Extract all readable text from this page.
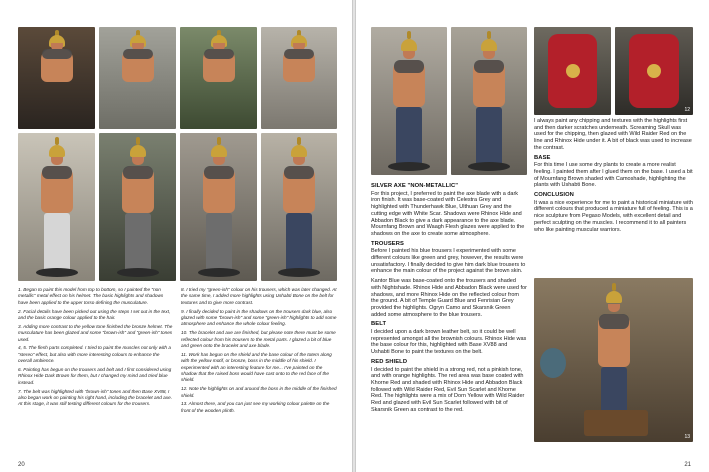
1. Began to paint this model from top to bottom, so I painted the "non metallic" metal effect on his helmet. The basic highlights and shadows have been applied to the upper torso defining the musculature.

2. Facial details have been picked out using the steps I set out in the text, and the basic orange colour applied to the hair.

3. Adding more contrast to the yellow tone finished the bronze helmet. The musculature has been glazed and some "brown-ish" and "green-ish" tones used.

4, 5. The flesh parts completed. I tried to paint the muscles not only with a "stereo" effect, but also with more interesting colours to enhance the overall ambience.

6. Painting has begun on the trousers and belt and I first considered using Rhinox Hide Dark Brown for them, but I changed my mind and tried blue instead.

7. The belt was highlighted with "brown-ish" tones and then Base XV88, I also began work on painting his right hand, including the bracelet and axe. At this stage, it was still testing different colours for the trousers.

8. I tried my "green-ish" colour on his trousers, which was later changed. At the same time, I added more highlights using Ushabti Bone on the belt for textures and to give more contrast.

9. I finally decided to paint in the shadows on the trousers dark blue, also glazed with some "brown-ish" and some "green-ish" highlights to add some atmosphere and enhance the whole colour feeling.

10. The bracelet and axe are finished, but please note there must be some reflected colour from his trousers to the metal parts. I glazed a bit of blue and green onto the bracelet and axe blade.

11. Work has begun on the shield and the base colour of the totem along with the yellow motif, or bronze, boss in the middle of his shield. I experimented with an interesting feature for me... I've painted on the shadow that the raised boss would have cast onto to the red face of the shield.

12. Note the highlights on and around the boss in the middle of the finished shield.

13. Almost there, and you can just see my working colour palette on the front of the wooden plinth.

20
12
SILVER AXE "NON-METALLIC"

For this project, I preferred to paint the axe blade with a dark iron finish. It was base-coated with Celestra Grey and highlighted with Thunderhawk Blue, Ulthuan Grey and the cutting edge with White Scar. Shadows were Rhinox Hide and Abbadon Black to give a dark appearance to the axe blade. Mournfang Brown and Waagh Flesh glazes were applied to the shadows on the axe to create some atmosphere.

TROUSERS

Before I painted his blue trousers I experimented with some different colours like green and grey, however, the results were unsatisfactory. I finally decided to give him dark blue trousers to enhance the main colour of the project against the brown skin.

Kantor Blue was base-coated onto the trousers and shaded with Nightshade. Rhinox Hide and Abbadon Black were used for shadows, and more Rhinox Hide on the reflected colour from the ground. A bit of Temple Guard Blue and Fenrisian Grey provided the highlights. Ogryn Camo and Skarsnik Green added some atmosphere to the blue trousers.

BELT

I decided upon a dark brown leather belt, so it could be well represented amongst all the brownish colours. Rhinox Hide was the base colour for this, highlighted with Base XV88 and Ushabti Bone to paint the textures on the belt.

RED SHIELD

I decided to paint the shield in a strong red, not a pinkish tone, and with orange highlights. The red area was base coated with Khorne Red and shaded with Rhinox Hide and Abbadon Black followed with Wild Raider Red, Evil Sun Scarlet and Khorne Red. The highlights were a mix of Dorn Yellow with Wild Raider Red and glazed with Evil Sun Scarlet followed with bit of Skarsnik Green as contrast to the red.

I always paint any chipping and textures with the highlights first and then darker scratches underneath. Screaming Skull was used for the chipping, then glazed with Wild Raider Red on the line and Rhinox Hide under it. A bit of black was used to increase the contrast.

BASE

For this time I use some dry plants to create a more realist feeling. I painted them after I glued them on the base. I used a bit of Mournfang Brown shaded with Camoshade, highlighting the plants with Ushabti Bone.

CONCLUSION

It was a nice experience for me to paint a historical miniature with different colours that produced a miniature full of feeling. This is a nice sculpture from Pegaso Models, with excellent detail and perfect sculpting on the muscles. I recommend it to all painters who like painting muscular warriors.

13
21
